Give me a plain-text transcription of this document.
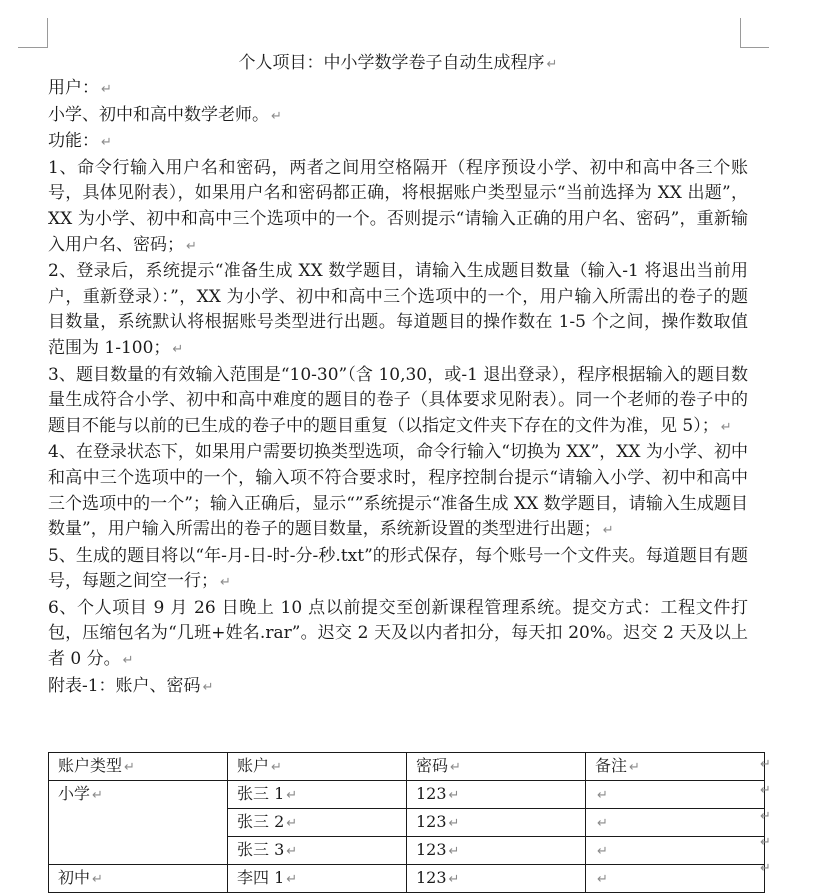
个人项目：中小学数学卷子自动生成程序 ↵
用户： ↵
小学、初中和高中数学老师。 ↵
功能： ↵
1、命令行输入用户名和密码，两者之间用空格隔开（程序预设小学、初中和高中各三个账号，具体见附表），如果用户名和密码都正确，将根据账户类型显示“当前选择为 XX 出题”，XX 为小学、初中和高中三个选项中的一个。否则提示“请输入正确的用户名、密码”，重新输入用户名、密码； ↵
2、登录后，系统提示“准备生成 XX 数学题目，请输入生成题目数量（输入-1 将退出当前用户，重新登录）：”，XX 为小学、初中和高中三个选项中的一个，用户输入所需出的卷子的题目数量，系统默认将根据账号类型进行出题。每道题目的操作数在 1-5 个之间，操作数取值范围为 1-100； ↵
3、题目数量的有效输入范围是“10-30”（含 10,30，或-1 退出登录），程序根据输入的题目数量生成符合小学、初中和高中难度的题目的卷子（具体要求见附表）。同一个老师的卷子中的题目不能与以前的已生成的卷子中的题目重复（以指定文件夹下存在的文件为准，见 5）； ↵
4、在登录状态下，如果用户需要切换类型选项，命令行输入“切换为 XX”，XX 为小学、初中和高中三个选项中的一个，输入项不符合要求时，程序控制台提示“请输入小学、初中和高中三个选项中的一个”；输入正确后，显示“”系统提示“准备生成 XX 数学题目，请输入生成题目数量”，用户输入所需出的卷子的题目数量，系统新设置的类型进行出题； ↵
5、生成的题目将以“年-月-日-时-分-秒.txt”的形式保存，每个账号一个文件夹。每道题目有题号，每题之间空一行； ↵
6、个人项目 9 月 26 日晚上 10 点以前提交至创新课程管理系统。提交方式：工程文件打包，压缩包名为“几班+姓名.rar”。迟交 2 天及以内者扣分，每天扣 20%。迟交 2 天及以上者 0 分。 ↵
附表-1：账户、密码 ↵
账户类型 ↵	账户 ↵	密码 ↵	备注 ↵
小学 ↵	张三 1 ↵	123 ↵	↵
	张三 2 ↵	123 ↵	↵
	张三 3 ↵	123 ↵	↵
初中 ↵	李四 1 ↵	123 ↵	↵
↵
↵
↵
↵
↵
